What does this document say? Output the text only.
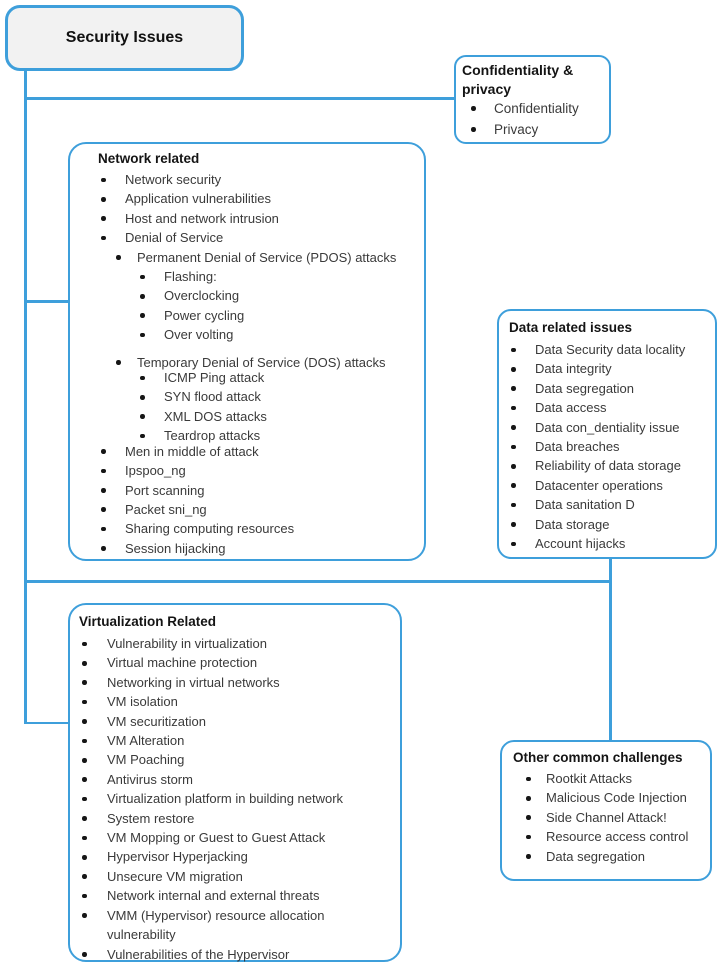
Security Issues
Confidentiality & privacy
Confidentiality
Privacy
Network related
Network security
Application vulnerabilities
Host and network intrusion
Denial of Service
Permanent Denial of Service (PDOS) attacks
Flashing:
Overclocking
Power cycling
Over volting
Temporary Denial of Service (DOS) attacks
ICMP Ping attack
SYN flood attack
XML DOS attacks
Teardrop attacks
Men in middle of attack
Ipspoo_ng
Port scanning
Packet sni_ng
Sharing computing resources
Session hijacking
Data related issues
Data Security data locality
Data integrity
Data segregation
Data access
Data con_dentiality issue
Data breaches
Reliability of data storage
Datacenter operations
Data sanitation D
Data storage
Account hijacks
Virtualization Related
Vulnerability in virtualization
Virtual machine protection
Networking in virtual networks
VM isolation
VM securitization
VM Alteration
VM Poaching
Antivirus storm
Virtualization platform in building network
System restore
VM Mopping or Guest to Guest Attack
Hypervisor Hyperjacking
Unsecure VM migration
Network internal and external threats
VMM (Hypervisor) resource allocation vulnerability
Vulnerabilities of the Hypervisor
Other common challenges
Rootkit Attacks
Malicious Code Injection
Side Channel Attack!
Resource access control
Data segregation
